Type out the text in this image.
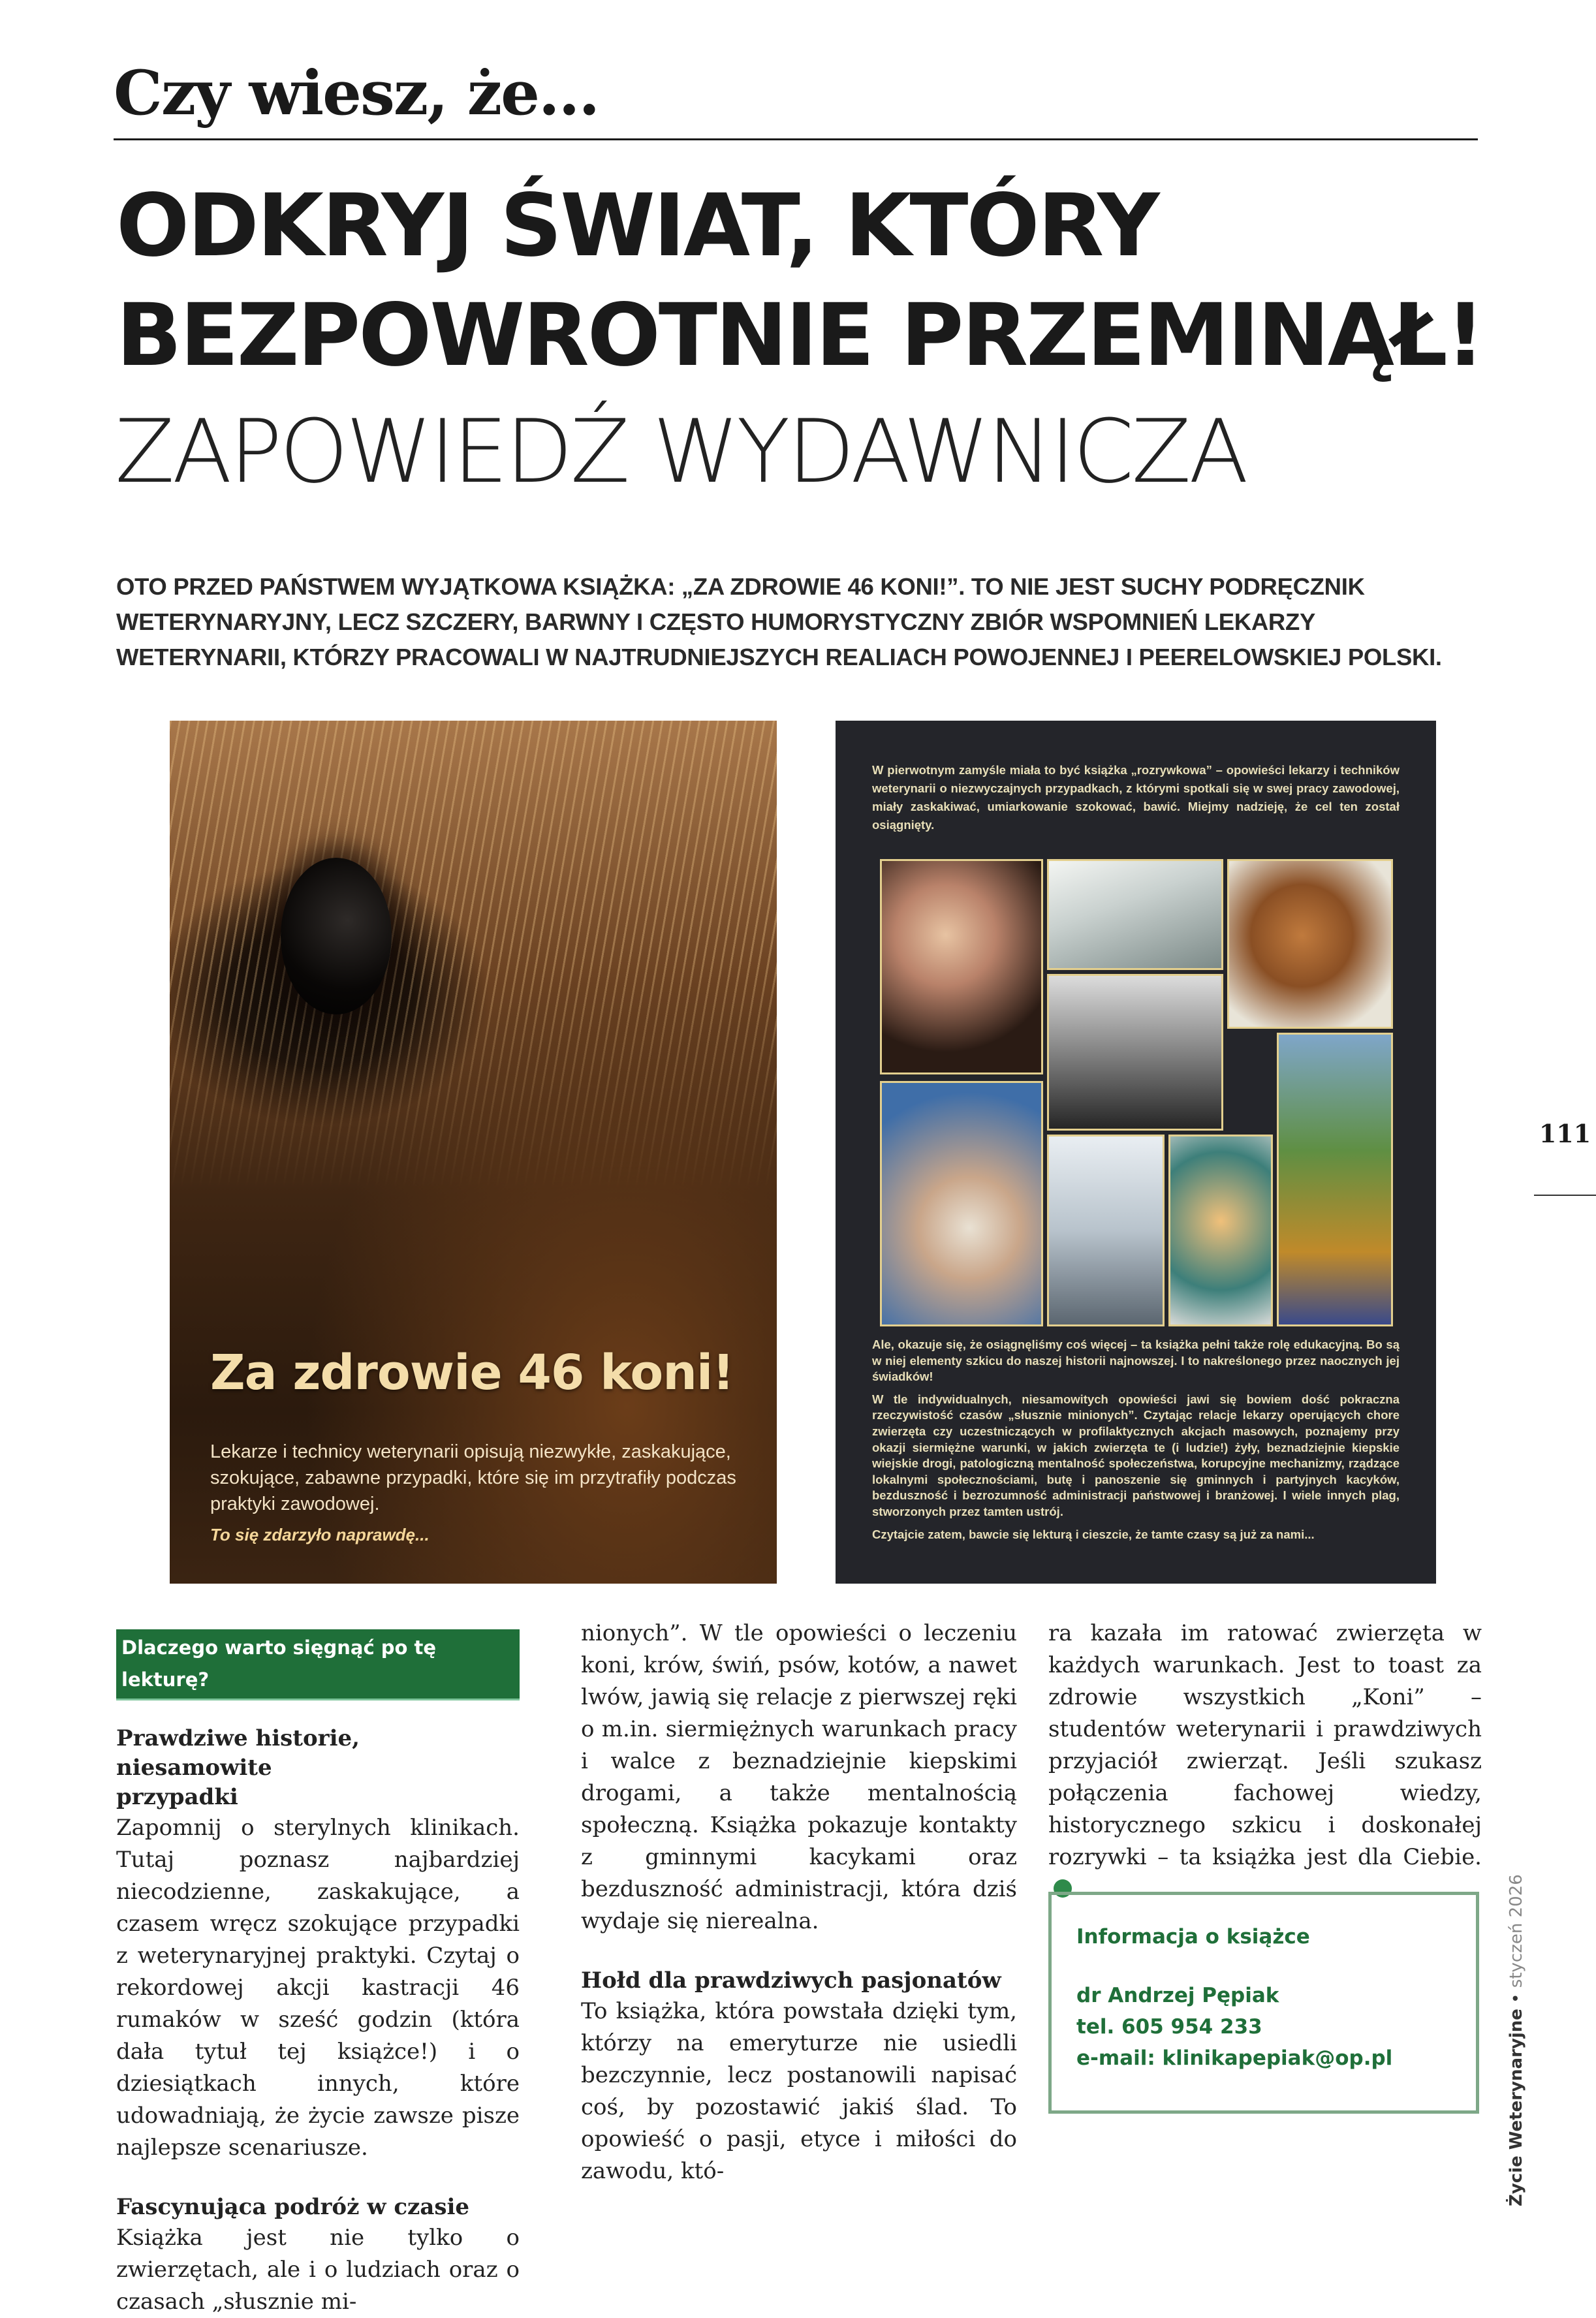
Czy wiesz, że...
ODKRYJ ŚWIAT, KTÓRY
BEZPOWROTNIE PRZEMINĄŁ!
ZAPOWIEDŹ WYDAWNICZA
OTO PRZED PAŃSTWEM WYJĄTKOWA KSIĄŻKA: „ZA ZDROWIE 46 KONI!”. TO NIE JEST SUCHY PODRĘCZNIK WETERYNARYJNY, LECZ SZCZERY, BARWNY I CZĘSTO HUMORYSTYCZNY ZBIÓR WSPOMNIEŃ LEKARZY WETERYNARII, KTÓRZY PRACOWALI W NAJTRUDNIEJSZYCH REALIACH POWOJENNEJ I PEERELOWSKIEJ POLSKI.
Za zdrowie 46 koni!
Lekarze i technicy weterynarii opisują niezwykłe, zaskakujące, szokujące, zabawne przypadki, które się im przytrafiły podczas praktyki zawodowej.
To się zdarzyło naprawdę...

W pierwotnym zamyśle miała to być książka „rozrywkowa” – opowieści lekarzy i techników weterynarii o niezwyczajnych przypadkach, z którymi spotkali się w swej pracy zawodowej, miały zaskakiwać, umiarkowanie szokować, bawić. Miejmy nadzieję, że cel ten został osiągnięty.

Ale, okazuje się, że osiągnęliśmy coś więcej – ta książka pełni także rolę edukacyjną. Bo są w niej elementy szkicu do naszej historii najnowszej. I to nakreślonego przez naocznych jej świadków!

W tle indywidualnych, niesamowitych opowieści jawi się bowiem dość pokraczna rzeczywistość czasów „słusznie minionych”. Czytając relacje lekarzy operujących chore zwierzęta czy uczestniczących w profilaktycznych akcjach masowych, poznajemy przy okazji siermiężne warunki, w jakich zwierzęta te (i ludzie!) żyły, beznadziejnie kiepskie wiejskie drogi, patologiczną mentalność społeczeństwa, korupcyjne mechanizmy, rządzące lokalnymi społecznościami, butę i panoszenie się gminnych i partyjnych kacyków, bezduszność i bezrozumność administracji państwowej i branżowej. I wiele innych plag, stworzonych przez tamten ustrój.

Czytajcie zatem, bawcie się lekturą i cieszcie, że tamte czasy są już za nami...

Dlaczego warto sięgnąć po tę lekturę?
Prawdziwe historie, niesamowite przypadki

Zapomnij o sterylnych klinikach. Tutaj poznasz najbardziej niecodzienne, zaskakujące, a czasem wręcz szokujące przypadki z weterynaryjnej praktyki. Czytaj o rekordowej akcji kastracji 46 rumaków w sześć godzin (która dała tytuł tej książce!) i o dziesiątkach innych, które udowadniają, że życie zawsze pisze najlepsze scenariusze.

Fascynująca podróż w czasie

Książka jest nie tylko o zwierzętach, ale i o ludziach oraz o czasach „słusznie mi-

nionych”. W tle opowieści o leczeniu koni, krów, świń, psów, kotów, a nawet lwów, jawią się relacje z pierwszej ręki o m.in. siermiężnych warunkach pracy i walce z beznadziejnie kiepskimi drogami, a także mentalnością społeczną. Książka pokazuje kontakty z gminnymi kacykami oraz bezduszność administracji, która dziś wydaje się nierealna.

Hołd dla prawdziwych pasjonatów

To książka, która powstała dzięki tym, którzy na emeryturze nie usiedli bezczynnie, lecz postanowili napisać coś, by pozostawić jakiś ślad. To opowieść o pasji, etyce i miłości do zawodu, któ-

ra kazała im ratować zwierzęta w każdych warunkach. Jest to toast za zdrowie wszystkich „Koni” – studentów weterynarii i prawdziwych przyjaciół zwierząt. Jeśli szukasz połączenia fachowej wiedzy, historycznego szkicu i doskonałej rozrywki – ta książka jest dla Ciebie.

Informacja o książce
dr Andrzej Pępiak
tel. 605 954 233
e-mail: klinikapepiak@op.pl
111
Życie Weterynaryjne • styczeń 2026
